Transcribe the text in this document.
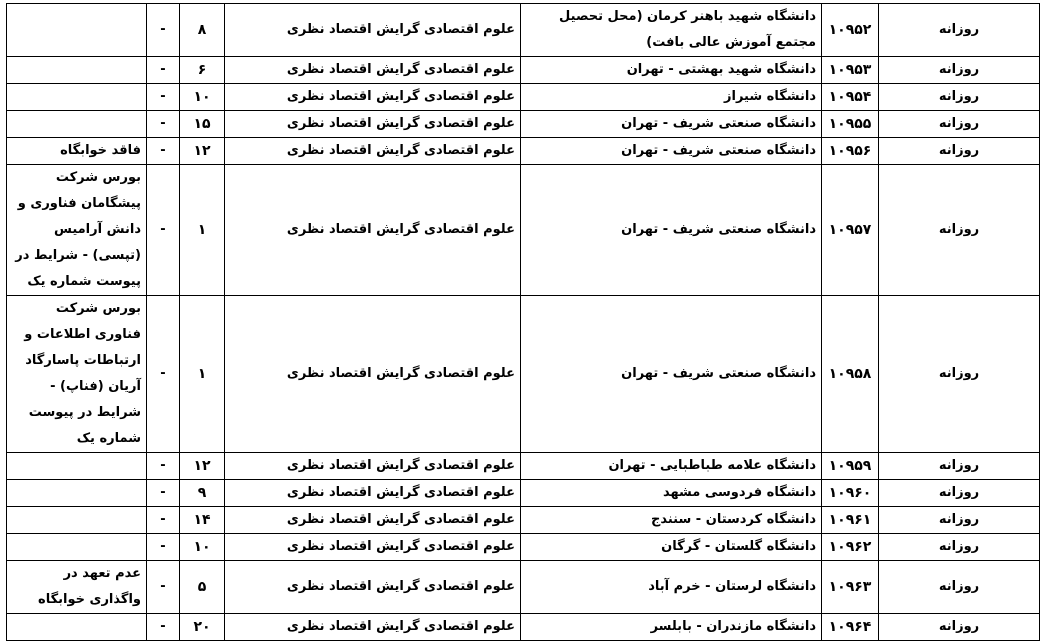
روزانه	۱۰۹۵۲	دانشگاه شهید باهنر کرمان (محل تحصیل مجتمع آموزش عالی بافت)	علوم اقتصادی گرایش اقتصاد نظری	۸	-	
روزانه	۱۰۹۵۳	دانشگاه شهید بهشتی - تهران	علوم اقتصادی گرایش اقتصاد نظری	۶	-	
روزانه	۱۰۹۵۴	دانشگاه شیراز	علوم اقتصادی گرایش اقتصاد نظری	۱۰	-	
روزانه	۱۰۹۵۵	دانشگاه صنعتی شریف - تهران	علوم اقتصادی گرایش اقتصاد نظری	۱۵	-	
روزانه	۱۰۹۵۶	دانشگاه صنعتی شریف - تهران	علوم اقتصادی گرایش اقتصاد نظری	۱۲	-	فاقد خوابگاه
روزانه	۱۰۹۵۷	دانشگاه صنعتی شریف - تهران	علوم اقتصادی گرایش اقتصاد نظری	۱	-	بورس شرکت پیشگامان فناوری و دانش آرامیس (تپسی) - شرایط در پیوست شماره یک
روزانه	۱۰۹۵۸	دانشگاه صنعتی شریف - تهران	علوم اقتصادی گرایش اقتصاد نظری	۱	-	بورس شرکت فناوری اطلاعات و ارتباطات پاسارگاد آریان (فناپ) - شرایط در پیوست شماره یک
روزانه	۱۰۹۵۹	دانشگاه علامه طباطبایی - تهران	علوم اقتصادی گرایش اقتصاد نظری	۱۲	-	
روزانه	۱۰۹۶۰	دانشگاه فردوسی مشهد	علوم اقتصادی گرایش اقتصاد نظری	۹	-	
روزانه	۱۰۹۶۱	دانشگاه کردستان - سنندج	علوم اقتصادی گرایش اقتصاد نظری	۱۴	-	
روزانه	۱۰۹۶۲	دانشگاه گلستان - گرگان	علوم اقتصادی گرایش اقتصاد نظری	۱۰	-	
روزانه	۱۰۹۶۳	دانشگاه لرستان - خرم آباد	علوم اقتصادی گرایش اقتصاد نظری	۵	-	عدم تعهد در واگذاری خوابگاه
روزانه	۱۰۹۶۴	دانشگاه مازندران - بابلسر	علوم اقتصادی گرایش اقتصاد نظری	۲۰	-	
